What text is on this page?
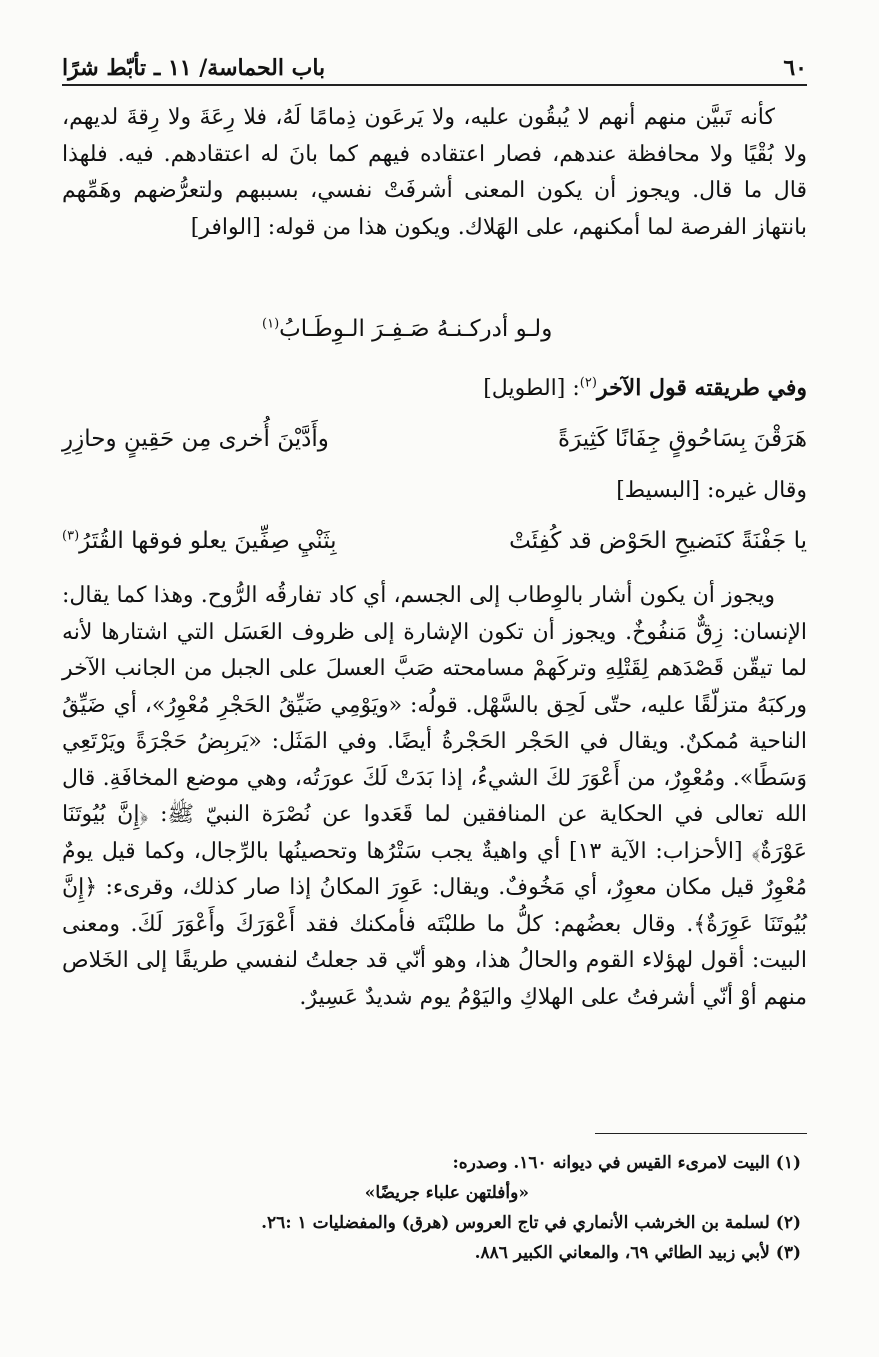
٦٠
باب الحماسة/ ١١ ـ تأبّط شرًا
كأنه تَبيَّن منهم أنهم لا يُبقُون عليه، ولا يَرعَون ذِمامًا لَهُ، فلا رِعَةَ ولا رِقةَ لديهم، ولا بُقْيًا ولا محافظة عندهم، فصار اعتقاده فيهم كما بانَ له اعتقادهم. فيه. فلهذا قال ما قال. ويجوز أن يكون المعنى أشرفَتْ نفسي، بسببهم ولتعرُّضهم وهَمِّهم بانتهاز الفرصة لما أمكنهم، على الهَلاك. ويكون هذا من قوله: [الوافر]
ولـو أدركـنـهُ صَـفِـرَ الـوِطَـابُ$^{(١)}$
وفي طريقته قول الآخر$^{(٢)}$: [الطويل]
هَرَقْنَ بِسَاحُوقٍ جِفَانًا كَثِيرَةً
وأَدَّيْنَ أُخرى مِن حَقِينٍ وحازِرِ
وقال غيره: [البسيط]
يا جَفْنَةً كنَضيحِ الحَوْض قد كُفِئَتْ
بِثَنْيِ صِفِّينَ يعلو فوقها القُتَرُ$^{(٣)}$
ويجوز أن يكون أشار بالوِطاب إلى الجسم، أي كاد تفارقُه الرُّوح. وهذا كما يقال: الإنسان: زِقٌّ مَنفُوخٌ. ويجوز أن تكون الإشارة إلى ظروف العَسَل التي اشتارها لأنه لما تيقّن قَصْدَهم لِقَتْلِهِ وتركَهمْ مسامحته صَبَّ العسلَ على الجبل من الجانب الآخر وركبَهُ متزلّقًا عليه، حتّى لَحِق بالسَّهْل. قولُه: «ويَوْمِي ضَيِّقُ الحَجْرِ مُعْوِرُ»، أي ضَيِّقُ الناحية مُمكنٌ. ويقال في الحَجْر الحَجْرةُ أيضًا. وفي المَثَل: «يَربِضُ حَجْرَةً ويَرْتَعِي وَسَطًا». ومُعْوِرٌ، من أَعْوَرَ لكَ الشيءُ، إذا بَدَتْ لَكَ عورَتُه، وهي موضع المخافَةِ. قال الله تعالى في الحكاية عن المنافقين لما قَعَدوا عن نُصْرَة النبيّ ﷺ: ﴿إِنَّ بُيُوتَنَا عَوْرَةٌ﴾ [الأحزاب: الآية ١٣] أي واهيةٌ يجب سَتْرُها وتحصينُها بالرِّجال، وكما قيل يومٌ مُعْوِرٌ قيل مكان معوِرٌ، أي مَخُوفٌ. ويقال: عَوِرَ المكانُ إذا صار كذلك، وقرىء: ﴿إِنَّ بُيُوتَنَا عَوِرَةٌ﴾. وقال بعضُهم: كلُّ ما طلبْتَه فأمكنك فقد أَعْوَرَكَ وأَعْوَرَ لَكَ. ومعنى البيت: أقول لهؤلاء القوم والحالُ هذا، وهو أنّي قد جعلتُ لنفسي طريقًا إلى الخَلاص منهم أوْ أنّي أشرفتُ على الهلاكِ واليَوْمُ يوم شديدٌ عَسِيرٌ.
(١) البيت لامرىء القيس في ديوانه ١٦٠. وصدره:
«وأفلتهن علباء جريضًا»
(٢) لسلمة بن الخرشب الأنماري في تاج العروس (هرق) والمفضليات ١ :٢٦.
(٣) لأبي زبيد الطائي ٦٩، والمعاني الكبير ٨٨٦.
